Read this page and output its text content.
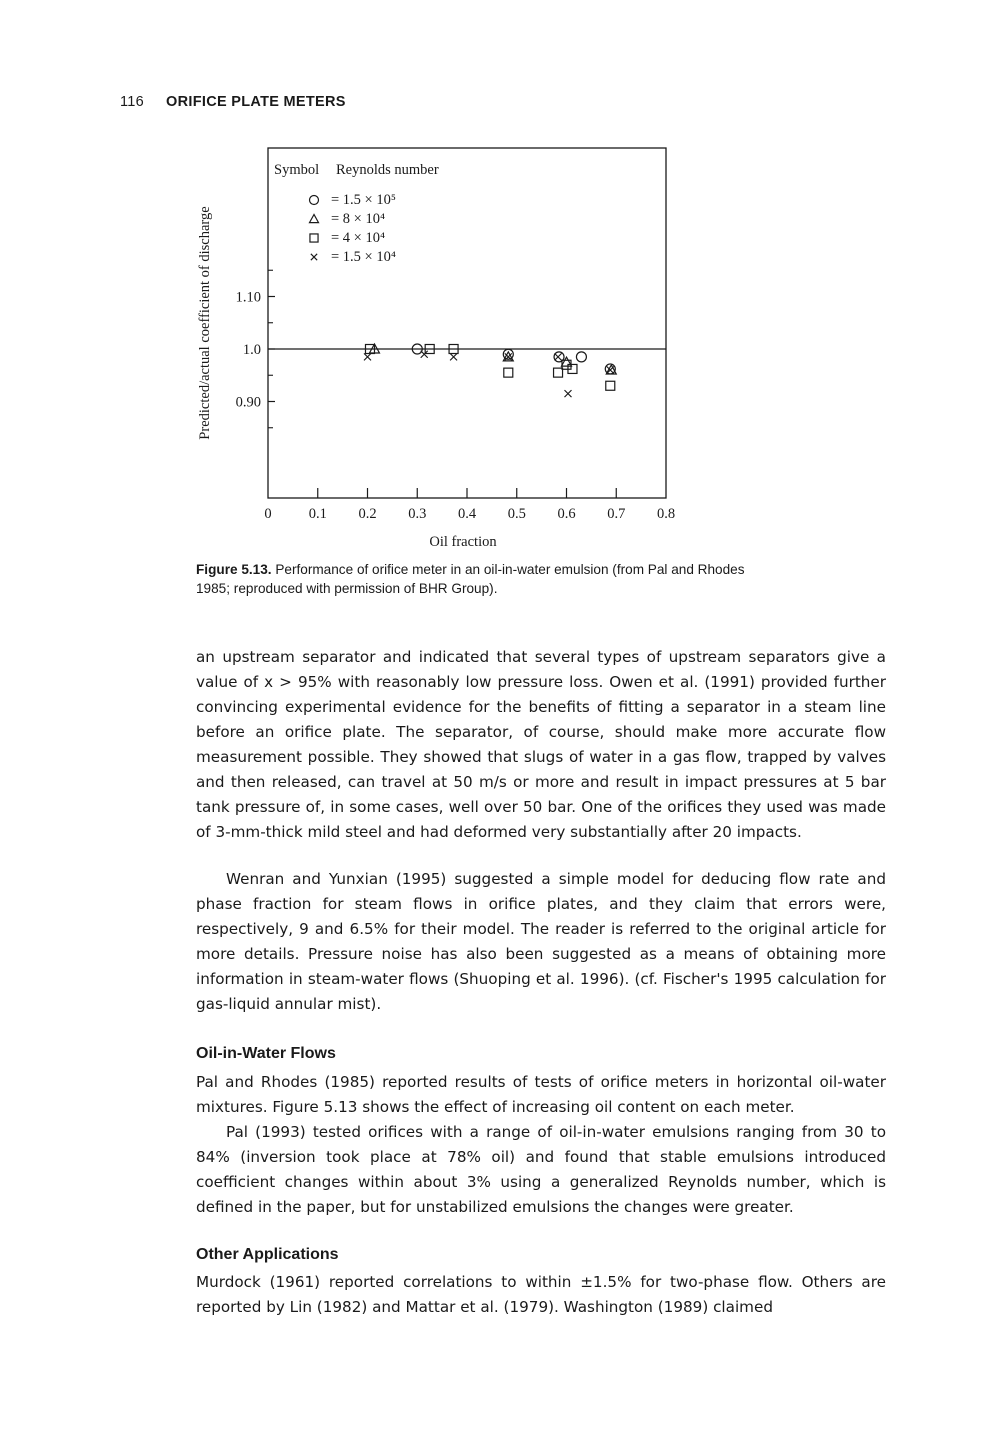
116 ORIFICE PLATE METERS
Symbol Reynolds number
= 1.5 × 10⁵
= 8 × 10⁴
= 4 × 10⁴
= 1.5 × 10⁴
0	0.1 0.2 0.3 0.4 0.5 0.6 0.7 0.8
0.90
1.0
1.10
Oil fraction
Predicted/actual coefficient of discharge
Figure 5.13. Performance of orifice meter in an oil-in-water emulsion (from Pal and Rhodes 1985; reproduced with permission of BHR Group).

an upstream separator and indicated that several types of upstream separators give a value of x > 95% with reasonably low pressure loss. Owen et al. (1991) provided further convincing experimental evidence for the benefits of fitting a separator in a steam line before an orifice plate. The separator, of course, should make more accurate flow measurement possible. They showed that slugs of water in a gas flow, trapped by valves and then released, can travel at 50 m/s or more and result in impact pressures at 5 bar tank pressure of, in some cases, well over 50 bar. One of the orifices they used was made of 3-mm-thick mild steel and had deformed very substantially after 20 impacts.

Wenran and Yunxian (1995) suggested a simple model for deducing flow rate and phase fraction for steam flows in orifice plates, and they claim that errors were, respectively, 9 and 6.5% for their model. The reader is referred to the original article for more details. Pressure noise has also been suggested as a means of obtaining more information in steam-water flows (Shuoping et al. 1996). (cf. Fischer's 1995 calculation for gas-liquid annular mist).

Oil-in-Water Flows

Pal and Rhodes (1985) reported results of tests of orifice meters in horizontal oil-water mixtures. Figure 5.13 shows the effect of increasing oil content on each meter.

Pal (1993) tested orifices with a range of oil-in-water emulsions ranging from 30 to 84% (inversion took place at 78% oil) and found that stable emulsions introduced coefficient changes within about 3% using a generalized Reynolds number, which is defined in the paper, but for unstabilized emulsions the changes were greater.

Other Applications

Murdock (1961) reported correlations to within ±1.5% for two-phase flow. Others are reported by Lin (1982) and Mattar et al. (1979). Washington (1989) claimed
